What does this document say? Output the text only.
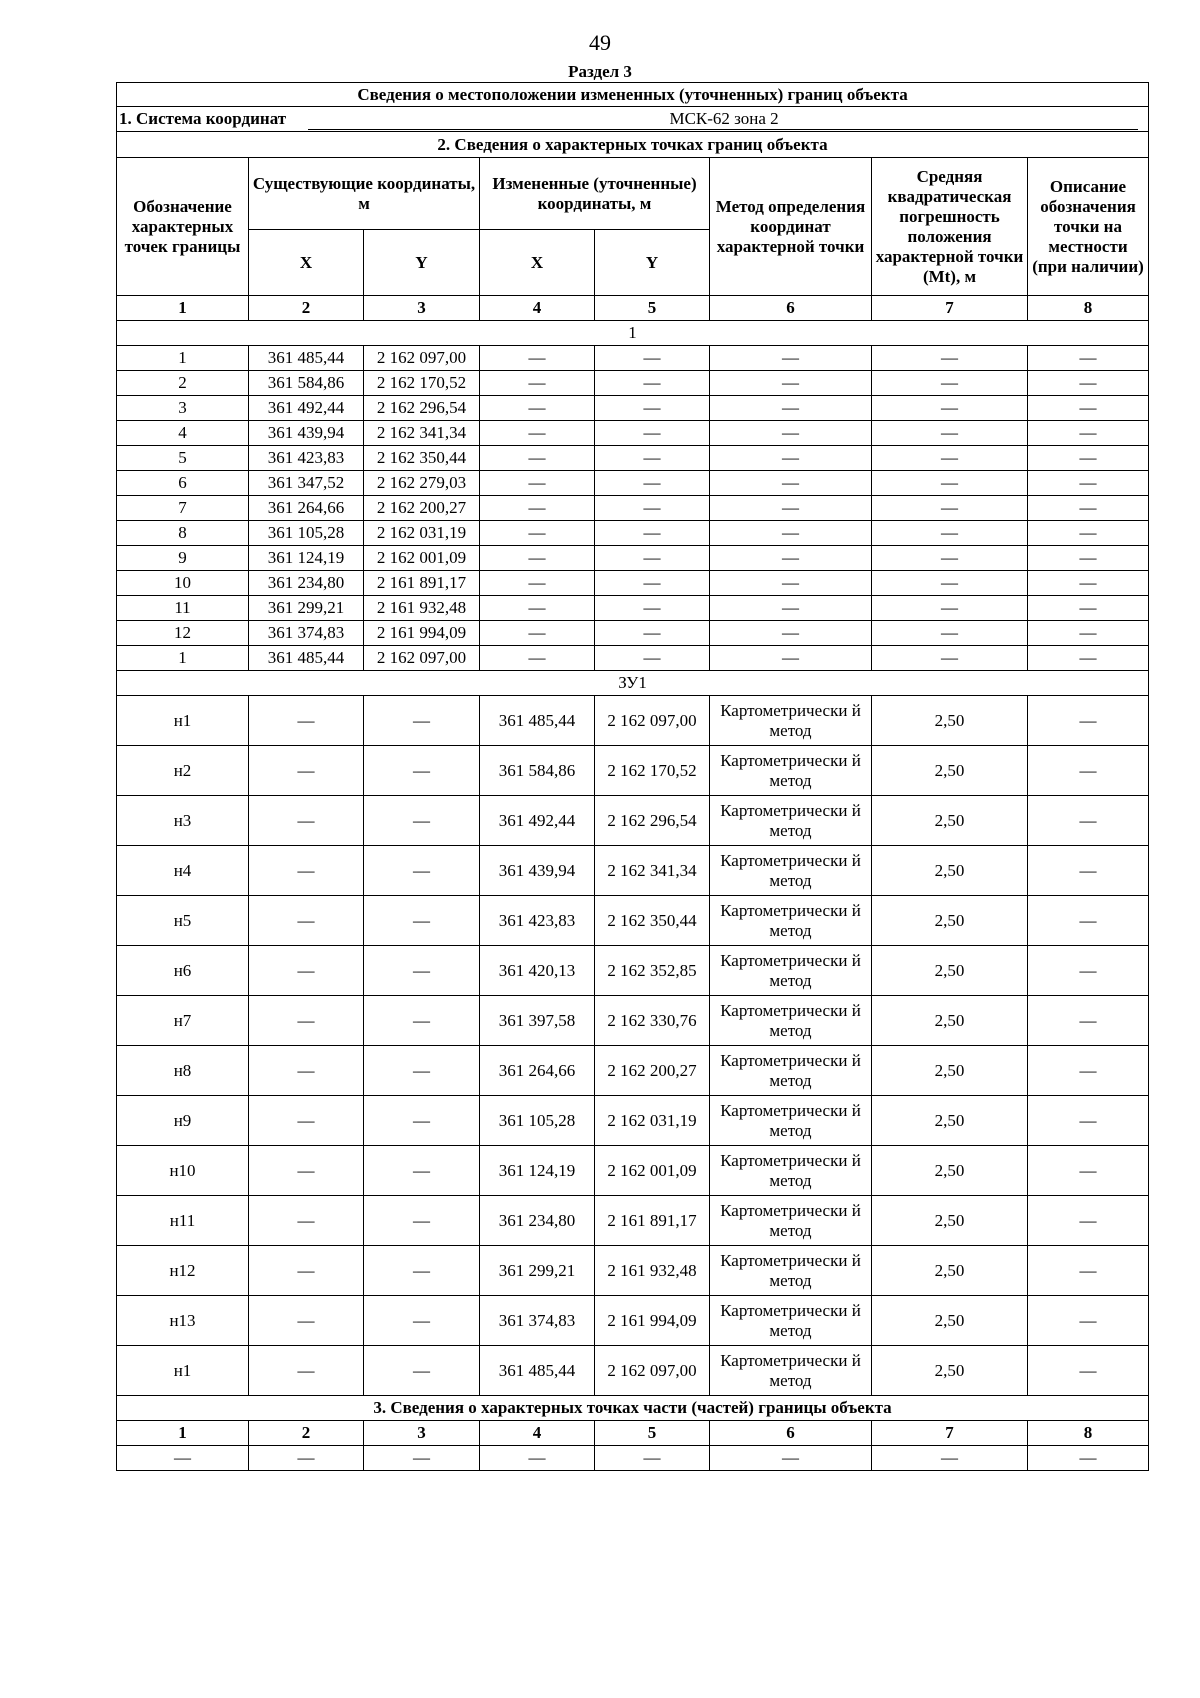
49
Раздел 3
Сведения о местоположении измененных (уточненных) границ объекта							

1. Система координат МСК-62 зона 2							

2. Сведения о характерных точках границ объекта							
Обозначение характерных точек границы	Существующие координаты, м		Измененные (уточненные) координаты, м		Метод определения координат характерной точки	Средняя квадратическая погрешность положения характерной точки (Mt), м	Описание обозначения точки на местности (при наличии)
	X	Y	X	Y			
1	2	3	4	5	6	7	8
1							
1	361 485,44	2 162 097,00	—	—	—	—	—
2	361 584,86	2 162 170,52	—	—	—	—	—
3	361 492,44	2 162 296,54	—	—	—	—	—
4	361 439,94	2 162 341,34	—	—	—	—	—
5	361 423,83	2 162 350,44	—	—	—	—	—
6	361 347,52	2 162 279,03	—	—	—	—	—
7	361 264,66	2 162 200,27	—	—	—	—	—
8	361 105,28	2 162 031,19	—	—	—	—	—
9	361 124,19	2 162 001,09	—	—	—	—	—
10	361 234,80	2 161 891,17	—	—	—	—	—
11	361 299,21	2 161 932,48	—	—	—	—	—
12	361 374,83	2 161 994,09	—	—	—	—	—
1	361 485,44	2 162 097,00	—	—	—	—	—
ЗУ1							
н1	—	—	361 485,44	2 162 097,00	Картометрически й метод	2,50	—
н2	—	—	361 584,86	2 162 170,52	Картометрически й метод	2,50	—
н3	—	—	361 492,44	2 162 296,54	Картометрически й метод	2,50	—
н4	—	—	361 439,94	2 162 341,34	Картометрически й метод	2,50	—
н5	—	—	361 423,83	2 162 350,44	Картометрически й метод	2,50	—
н6	—	—	361 420,13	2 162 352,85	Картометрически й метод	2,50	—
н7	—	—	361 397,58	2 162 330,76	Картометрически й метод	2,50	—
н8	—	—	361 264,66	2 162 200,27	Картометрически й метод	2,50	—
н9	—	—	361 105,28	2 162 031,19	Картометрически й метод	2,50	—
н10	—	—	361 124,19	2 162 001,09	Картометрически й метод	2,50	—
н11	—	—	361 234,80	2 161 891,17	Картометрически й метод	2,50	—
н12	—	—	361 299,21	2 161 932,48	Картометрически й метод	2,50	—
н13	—	—	361 374,83	2 161 994,09	Картометрически й метод	2,50	—
н1	—	—	361 485,44	2 162 097,00	Картометрически й метод	2,50	—
3. Сведения о характерных точках части (частей) границы объекта							
1	2	3	4	5	6	7	8
—	—	—	—	—	—	—	—
